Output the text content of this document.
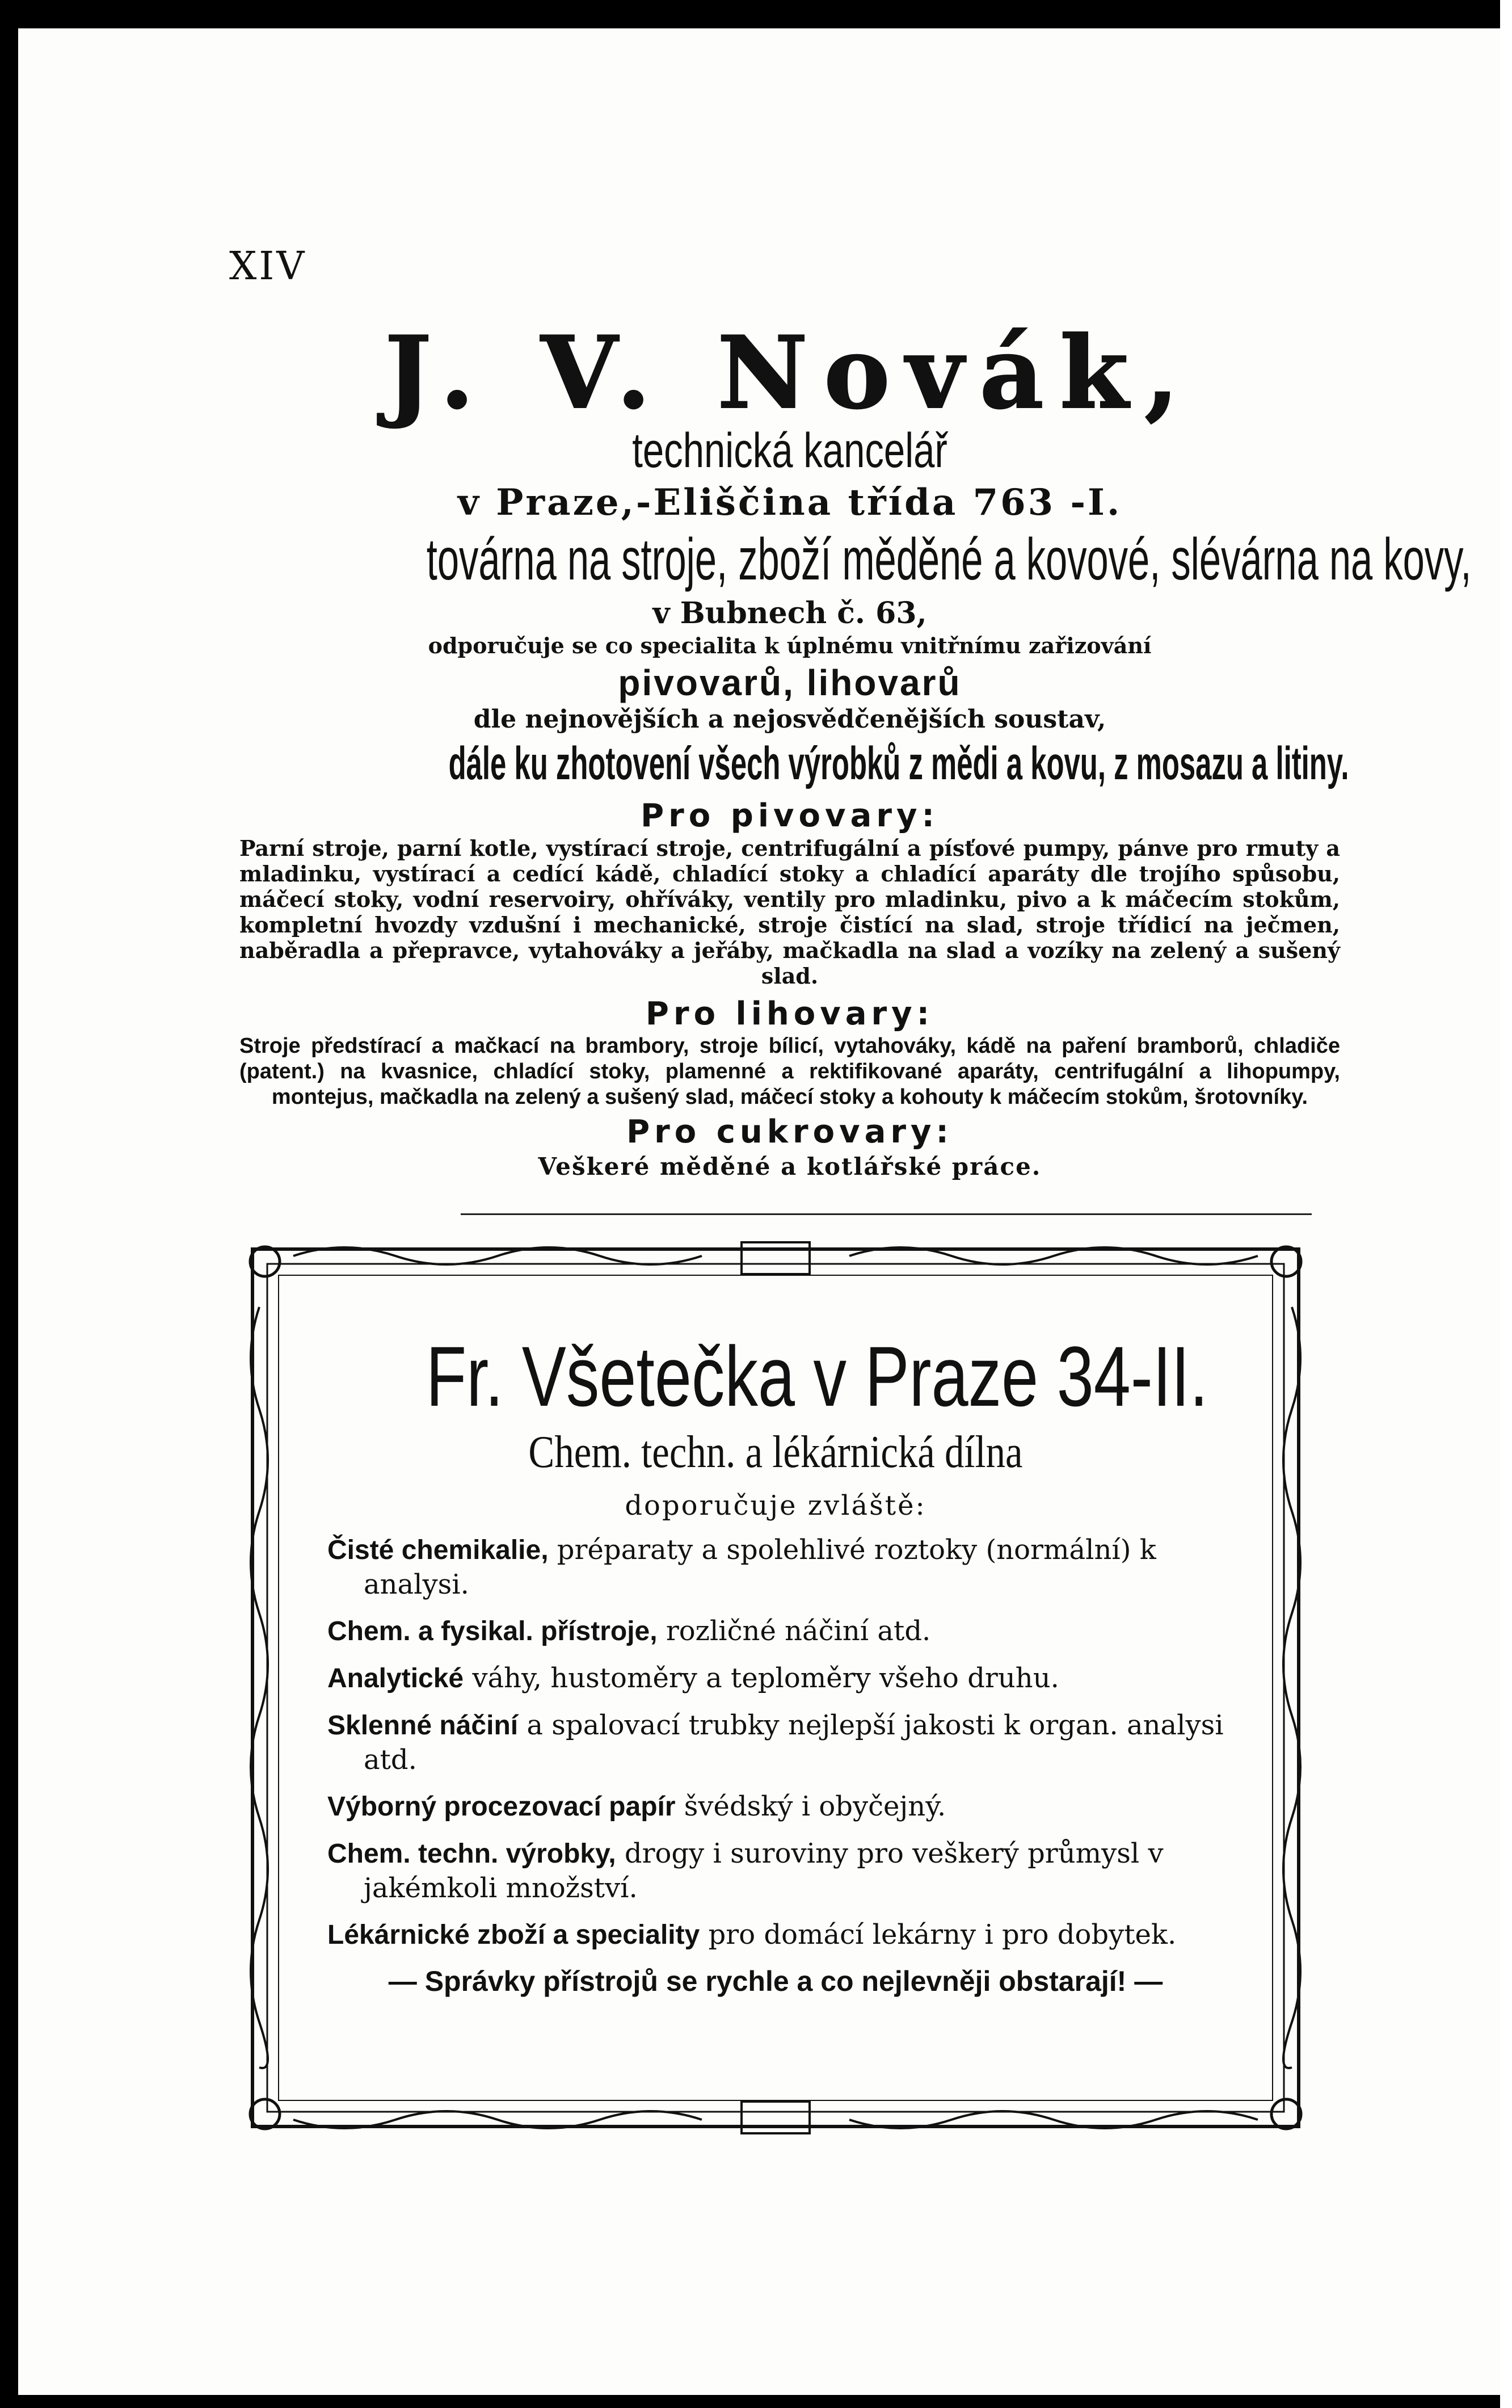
XIV
J. V. Novák,
technická kancelář
v Praze,-Eliščina třída 763 -I.
továrna na stroje, zboží měděné a kovové, slévárna na kovy,
v Bubnech č. 63,
odporučuje se co specialita k úplnému vnitřnímu zařizování
pivovarů, lihovarů
dle nejnovějších a nejosvědčenějších soustav,
dále ku zhotovení všech výrobků z mědi a kovu, z mosazu a litiny.
Pro pivovary:

Parní stroje, parní kotle, vystírací stroje, centrifugální a písťové pumpy, pánve pro rmuty a mladinku, vystírací a cedící kádě, chladící stoky a chladící aparáty dle trojího spůsobu, máčecí stoky, vodní reservoiry, ohříváky, ventily pro mladinku, pivo a k máčecím stokům, kompletní hvozdy vzdušní i mechanické, stroje čistící na slad, stroje třídicí na ječmen, naběradla a přepravce, vytahováky a jeřáby, mačkadla na slad a vozíky na zelený a sušený slad.

Pro lihovary:

Stroje předstírací a mačkací na brambory, stroje bílicí, vytahováky, kádě na paření bramborů, chladiče (patent.) na kvasnice, chladící stoky, plamenné a rektifikované aparáty, centrifugální a lihopumpy, montejus, mačkadla na zelený a sušený slad, máčecí stoky a kohouty k máčecím stokům, šrotovníky.

Pro cukrovary:
Veškeré měděné a kotlářské práce.
Fr. Všetečka v Praze 34-II.
Chem. techn. a lékárnická dílna
doporučuje zvláště:

Čisté chemikalie, préparaty a spolehlivé roztoky (normální) k analysi.

Chem. a fysikal. přístroje, rozličné náčiní atd.

Analytické váhy, hustoměry a teploměry všeho druhu.

Sklenné náčiní a spalovací trubky nejlepší jakosti k organ. analysi atd.

Výborný procezovací papír švédský i obyčejný.

Chem. techn. výrobky, drogy i suroviny pro veškerý průmysl v jakémkoli množství.

Lékárnické zboží a speciality pro domácí lekárny i pro dobytek.

— Správky přístrojů se rychle a co nejlevněji obstarají! —
